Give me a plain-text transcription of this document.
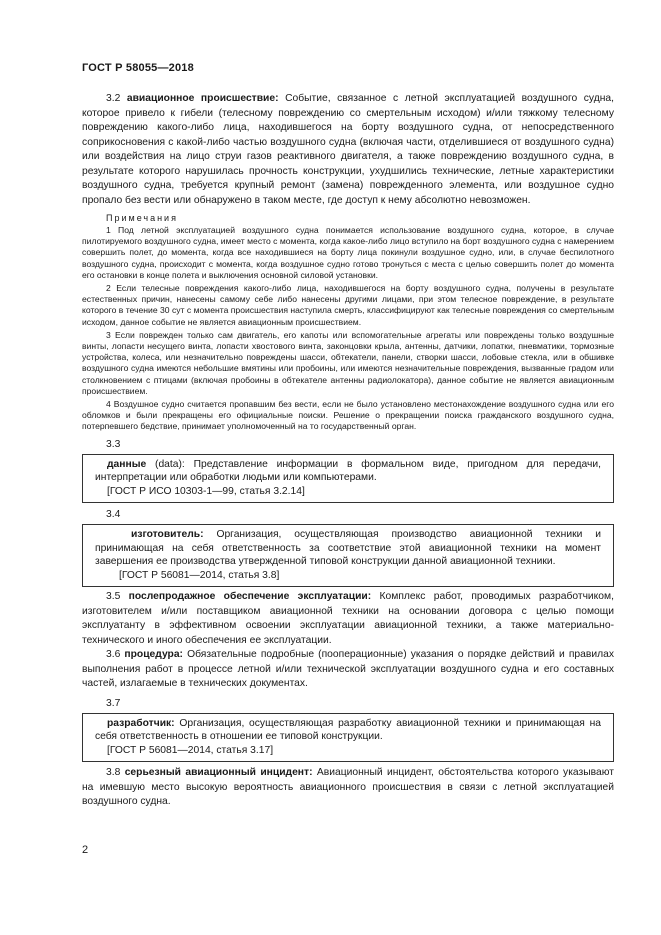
ГОСТ Р 58055—2018

3.2 авиационное происшествие: Событие, связанное с летной эксплуатацией воздушного судна, которое привело к гибели (телесному повреждению со смертельным исходом) и/или тяжкому телесному повреждению какого-либо лица, находившегося на борту воздушного судна, от непосредственного соприкосновения с какой-либо частью воздушного судна (включая части, отделившиеся от воздушного судна) или воздействия на лицо струи газов реактивного двигателя, а также повреждению воздушного судна, в результате которого нарушилась прочность конструкции, ухудшились технические, летные характеристики воздушного судна, требуется крупный ремонт (замена) поврежденного элемента, или воздушное судно пропало без вести или обнаружено в таком месте, где доступ к нему абсолютно невозможен.

Примечания

1 Под летной эксплуатацией воздушного судна понимается использование воздушного судна, которое, в случае пилотируемого воздушного судна, имеет место с момента, когда какое-либо лицо вступило на борт воздушного судна с намерением совершить полет, до момента, когда все находившиеся на борту лица покинули воздушное судно, или, в случае беспилотного воздушного судна, происходит с момента, когда воздушное судно готово тронуться с места с целью совершить полет до момента его остановки в конце полета и выключения основной силовой установки.

2 Если телесные повреждения какого-либо лица, находившегося на борту воздушного судна, получены в результате естественных причин, нанесены самому себе либо нанесены другими лицами, при этом телесное повреждение, в результате которого в течение 30 сут с момента происшествия наступила смерть, классифицируют как телесные повреждения со смертельным исходом, данное событие не является авиационным происшествием.

3 Если поврежден только сам двигатель, его капоты или вспомогательные агрегаты или повреждены только воздушные винты, лопасти несущего винта, лопасти хвостового винта, законцовки крыла, антенны, датчики, лопатки, пневматики, тормозные устройства, колеса, или незначительно повреждены шасси, обтекатели, панели, створки шасси, лобовые стекла, или в обшивке воздушного судна имеются небольшие вмятины или пробоины, или имеются незначительные повреждения, вызванные градом или столкновением с птицами (включая пробоины в обтекателе антенны радиолокатора), данное событие не является авиационным происшествием.

4 Воздушное судно считается пропавшим без вести, если не было установлено местонахождение воздушного судна или его обломков и были прекращены его официальные поиски. Решение о прекращении поиска гражданского воздушного судна, потерпевшего бедствие, принимает уполномоченный на то государственный орган.

3.3

данные (data): Представление информации в формальном виде, пригодном для передачи, интерпретации или обработки людьми или компьютерами.

[ГОСТ Р ИСО 10303-1—99, статья 3.2.14]

3.4

изготовитель: Организация, осуществляющая производство авиационной техники и принимающая на себя ответственность за соответствие этой авиационной техники на момент завершения ее производства утвержденной типовой конструкции данной авиационной техники.

[ГОСТ Р 56081—2014, статья 3.8]

3.5 послепродажное обеспечение эксплуатации: Комплекс работ, проводимых разработчиком, изготовителем и/или поставщиком авиационной техники на основании договора с целью помощи эксплуатанту в эффективном освоении эксплуатации авиационной техники, а также материально-технического и иного обеспечения ее эксплуатации.

3.6 процедура: Обязательные подробные (пооперационные) указания о порядке действий и правилах выполнения работ в процессе летной и/или технической эксплуатации воздушного судна и его составных частей, излагаемые в технических документах.

3.7

разработчик: Организация, осуществляющая разработку авиационной техники и принимающая на себя ответственность в отношении ее типовой конструкции.

[ГОСТ Р 56081—2014, статья 3.17]

3.8 серьезный авиационный инцидент: Авиационный инцидент, обстоятельства которого указывают на имевшую место высокую вероятность авиационного происшествия в связи с летной эксплуатацией воздушного судна.

2
